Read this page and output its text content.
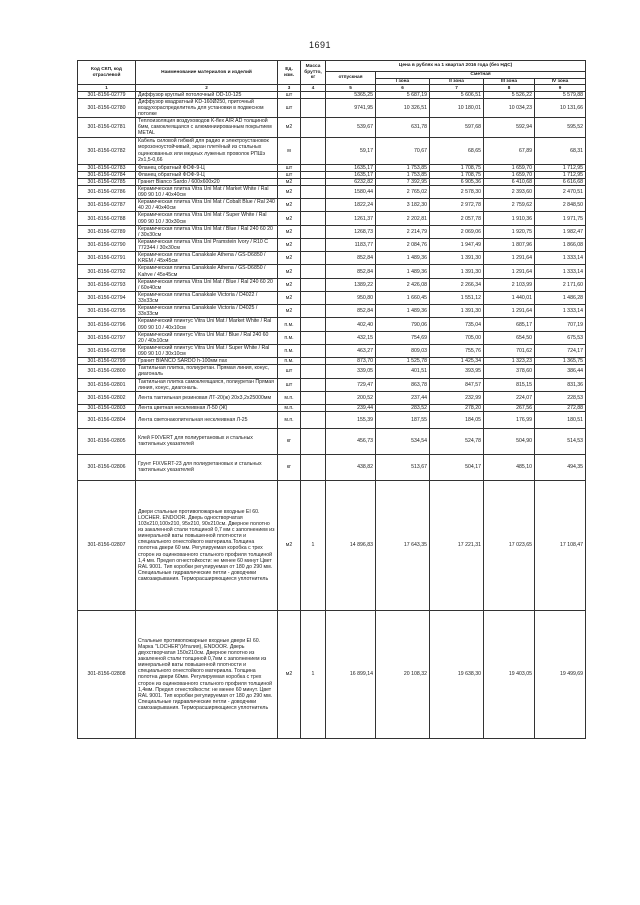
1691
Код СКП, код отраслевой	Наименование материалов и изделий	Ед. изм.	Масса брутто, кг	Цена в рублях на 1 квартал 2016 года (без НДС)				
				отпускная	Сметная			
					I зона	II зона	III зона	IV зона
1	2	3	4	5	6	7	8	9
301-8156-02779	Диффузор круглый потолочный OD-10-125	шт		5365,25	5 687,19	5 606,51	5 526,22	5 579,88
301-8156-02780	Диффузор квадратный KD-160Ø250, приточный воздухораспределитель для установки в подвесном потолке	шт		9741,95	10 326,51	10 180,01	10 034,23	10 131,66
301-8156-02781	Теплоизоляция воздуховодов K-flex AIR AD толщиной 6мм, самоклеящаяся с алюминиированным покрытием METAL	м2		539,67	631,78	597,68	592,94	595,52
301-8156-02782	Кабель силовой гибкий для радио и электроустановок морозоноустойчивый, экран плетёный из стальных оцинкованных или медных луженых проволок РПШэ 2х1,5-0,66	м		59,17	70,67	68,65	67,89	68,31
301-8156-02783	Фланец обратный ФОФ-9-Ц	шт		1635,17	1 753,85	1 708,75	1 659,70	1 712,95
301-8156-02784	Фланец обратный ФОФ-9-Ц	шт		1635,17	1 753,85	1 708,75	1 659,70	1 712,95
301-8156-02785	Гранит Bianco Sardo / 600х600х20	м2		6232,82	7 392,95	6 905,36	6 410,68	6 616,68
301-8156-02786	Керамическая плитка Vitra Uni Mat / Market White / Ral 090 90 10 / 40х40см	м2		1580,44	2 765,02	2 578,30	2 393,60	2 470,51
301-8156-02787	Керамическая плитка Vitra Uni Mat / Cobalt Blue / Ral 240 40 20 / 40х40см	м2		1822,24	3 182,30	2 972,78	2 759,62	2 848,50
301-8156-02788	Керамическая плитка Vitra Uni Mat / Super White / Ral 090 90 10 / 30х30см	м2		1261,37	2 202,81	2 057,78	1 910,36	1 971,75
301-8156-02789	Керамическая плитка Vitra Uni Mat / Blue / Ral 240 60 20 / 30х30см	м2		1268,73	2 214,79	2 069,06	1 920,75	1 982,47
301-8156-02790	Керамическая плитка Vitra Uni Pramstein Ivory / R10 C 772344 / 30х30см	м2		1183,77	2 084,76	1 947,49	1 807,96	1 866,08
301-8156-02791	Керамическая плитка Canakkale Athena / GS-D6850 / KREM / 45х45см	м2		852,84	1 489,36	1 391,30	1 291,64	1 333,14
301-8156-02792	Керамическая плитка Canakkale Athena / GS-D6850 / Kahve / 45х45см	м2		852,84	1 489,36	1 391,30	1 291,64	1 333,14
301-8156-02793	Керамическая плитка Vitra Uni Mat / Blue / Ral 240 60 20 / 60х40см	м2		1389,22	2 426,08	2 266,34	2 103,99	2 171,60
301-8156-02794	Керамическая плитка Canakkale Victoria / D4022 / 33х33см	м2		950,80	1 660,45	1 551,12	1 440,01	1 486,28
301-8156-02795	Керамическая плитка Canakkale Victoria / D4025 / 33х33см	м2		852,84	1 489,36	1 391,30	1 291,64	1 333,14
301-8156-02796	Керамический плинтус Vitra Uni Mat / Market White / Ral 090 90 10 / 40х10см	п.м.		402,40	790,06	735,04	685,17	707,19
301-8156-02797	Керамический плинтус Vitra Uni Mat / Blue / Ral 240 60 20 / 40х10см	п.м.		432,15	754,69	705,00	654,50	675,53
301-8156-02798	Керамический плинтус Vitra Uni Mat / Super White / Ral 090 90 10 / 30х10см	п.м.		463,27	809,03	755,76	701,62	724,17
301-8156-02799	Гранит BIANCO SARDO h-100мм пах	п.м.		873,70	1 525,78	1 425,34	1 323,23	1 365,75
301-8156-02800	Тактильная плитка, полиуретан. Прямая линия, конус, диагональ	шт		339,05	401,51	393,95	378,60	386,44
301-8156-02801	Тактильная плитка самоклеящаяся, полиуретан Прямая линия, конус, диагональ.	шт		729,47	863,78	847,57	815,15	831,36
301-8156-02802	Лента тактильная резиновая ЛТ-20(ж) 20х3,2х25000мм	м.п.		200,52	237,44	232,99	224,07	228,53
301-8156-02803	Лента цветная несклеивная Л-50 (Ж)	м.п.		239,44	283,52	278,20	267,56	272,88
301-8156-02804	Лента светонакопительная несклеивная Л-25	м.п.		155,39	187,55	184,05	176,99	180,51
301-8156-02805	Клей FIXVERT для полиуретановых и стальных тактильных указателей	кг		456,73	534,54	524,78	504,90	514,53
301-8156-02806	Грунт FIXVERT-23 для полиуретановых и стальных тактильных указателей	кг		438,82	513,67	504,17	485,10	494,35
301-8156-02807	Двери стальные противопожарные входные EI 60. LOCHER. ENDOOR. Дверь одностворчатая 103х210,100х210, 95х210, 90х210см. Дверное полотно из закаленной стали толщиной 0,7 мм с заполнением из минеральной ваты повышенной плотности и специального огнестойкого материала.Толщина полотна двери 60 мм. Регулируемая коробка с трех сторон из оцинкованного стального профиля толщиной 1,4 мм. Предел огнестойкости: не менее 60 минут Цвет RAL 9001. Тип коробки регулируемая от 180 до 290 мм. Специальные гидравлические петли - доводчики самозакрывания. Терморасширяющиеся уплотнитель	м2	1	14 896,83	17 643,35	17 221,31	17 023,65	17 108,47
301-8156-02808	Стальные противопожарные входные двери EI 60. Марка "LOCHER"(Италия), ENDOOR. Дверь двухстворчатая 150х210см. Дверное полотно из закаленной стали толщиной 0,7мм с заполнением из минеральной ваты повышенной плотности и специального огнестойкого материала. Толщина полотна двери 60мм. Регулируемая коробка с трех сторон из оцинкованного стального профиля толщиной 1,4мм. Предел огнестойкости: не менее 60 минут. Цвет RAL 9001. Тип коробки регулируемая от 180 до 290 мм. Специальные гидравлические петли - доводчики самозакрывания. Терморасширяющиеся уплотнитель	м2	1	16 899,14	20 108,32	19 638,30	19 403,05	19 499,69
